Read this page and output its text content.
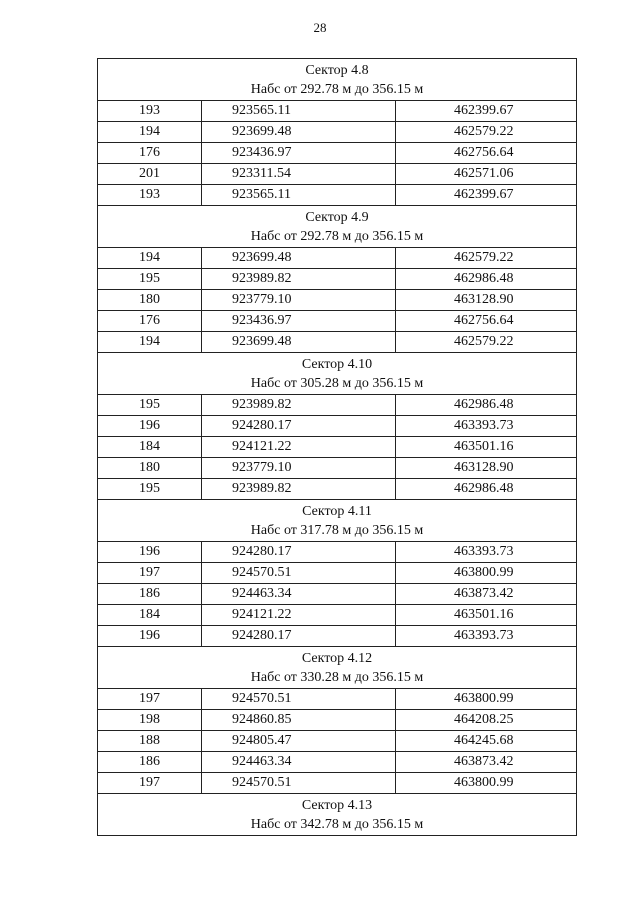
28
Сектор 4.8
Набс от 292.78 м до 356.15 м		

193	923565.11	462399.67
194	923699.48	462579.22
176	923436.97	462756.64
201	923311.54	462571.06
193	923565.11	462399.67

Сектор 4.9
Набс от 292.78 м до 356.15 м		

194	923699.48	462579.22
195	923989.82	462986.48
180	923779.10	463128.90
176	923436.97	462756.64
194	923699.48	462579.22

Сектор 4.10
Набс от 305.28 м до 356.15 м		

195	923989.82	462986.48
196	924280.17	463393.73
184	924121.22	463501.16
180	923779.10	463128.90
195	923989.82	462986.48

Сектор 4.11
Набс от 317.78 м до 356.15 м		

196	924280.17	463393.73
197	924570.51	463800.99
186	924463.34	463873.42
184	924121.22	463501.16
196	924280.17	463393.73

Сектор 4.12
Набс от 330.28 м до 356.15 м		

197	924570.51	463800.99
198	924860.85	464208.25
188	924805.47	464245.68
186	924463.34	463873.42
197	924570.51	463800.99

Сектор 4.13
Набс от 342.78 м до 356.15 м		
